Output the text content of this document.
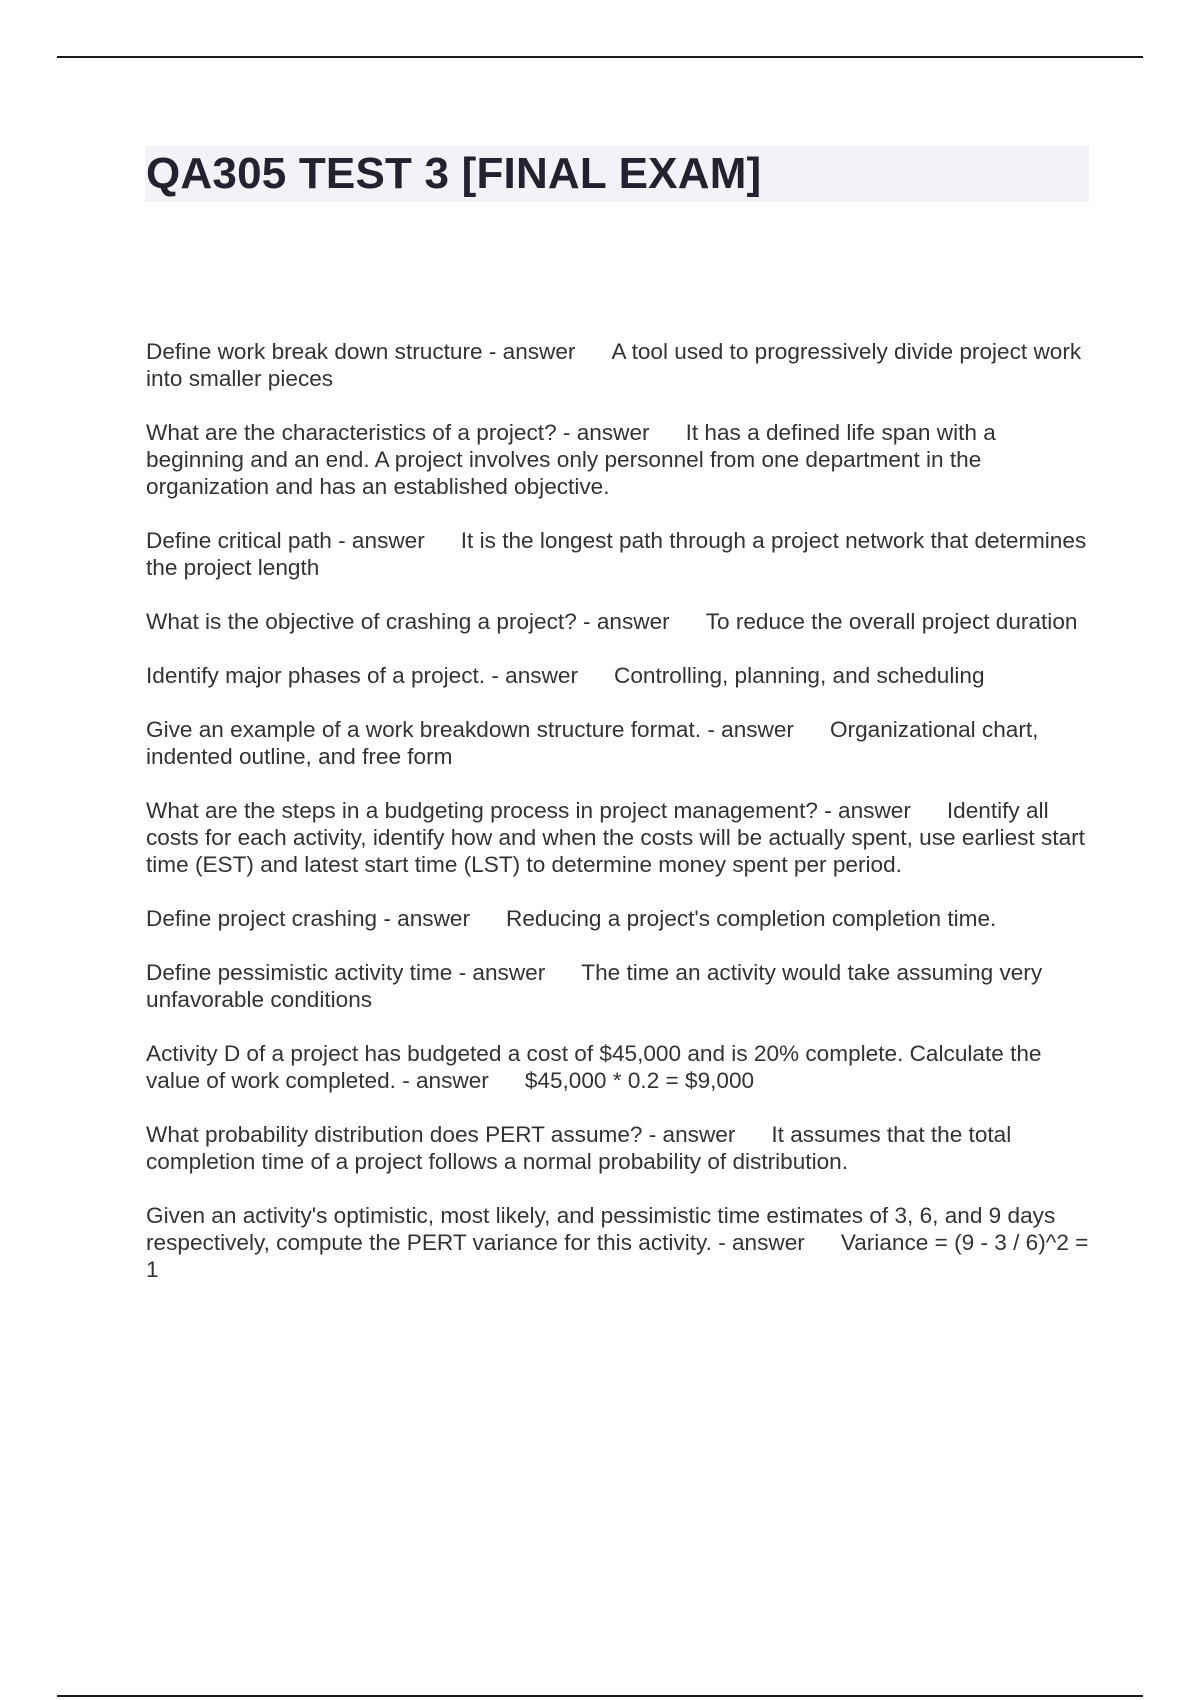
QA305 TEST 3 [FINAL EXAM]
Define work break down structure - answer A tool used to progressively divide project work into smaller pieces
What are the characteristics of a project? - answer It has a defined life span with a beginning and an end. A project involves only personnel from one department in the organization and has an established objective.
Define critical path - answer It is the longest path through a project network that determines the project length
What is the objective of crashing a project? - answer To reduce the overall project duration
Identify major phases of a project. - answer Controlling, planning, and scheduling
Give an example of a work breakdown structure format. - answer Organizational chart, indented outline, and free form
What are the steps in a budgeting process in project management? - answer Identify all costs for each activity, identify how and when the costs will be actually spent, use earliest start time (EST) and latest start time (LST) to determine money spent per period.
Define project crashing - answer Reducing a project's completion completion time.
Define pessimistic activity time - answer The time an activity would take assuming very unfavorable conditions
Activity D of a project has budgeted a cost of $45,000 and is 20% complete. Calculate the value of work completed. - answer $45,000 * 0.2 = $9,000
What probability distribution does PERT assume? - answer It assumes that the total completion time of a project follows a normal probability of distribution.
Given an activity's optimistic, most likely, and pessimistic time estimates of 3, 6, and 9 days respectively, compute the PERT variance for this activity. - answer Variance = (9 - 3 / 6)^2 = 1
